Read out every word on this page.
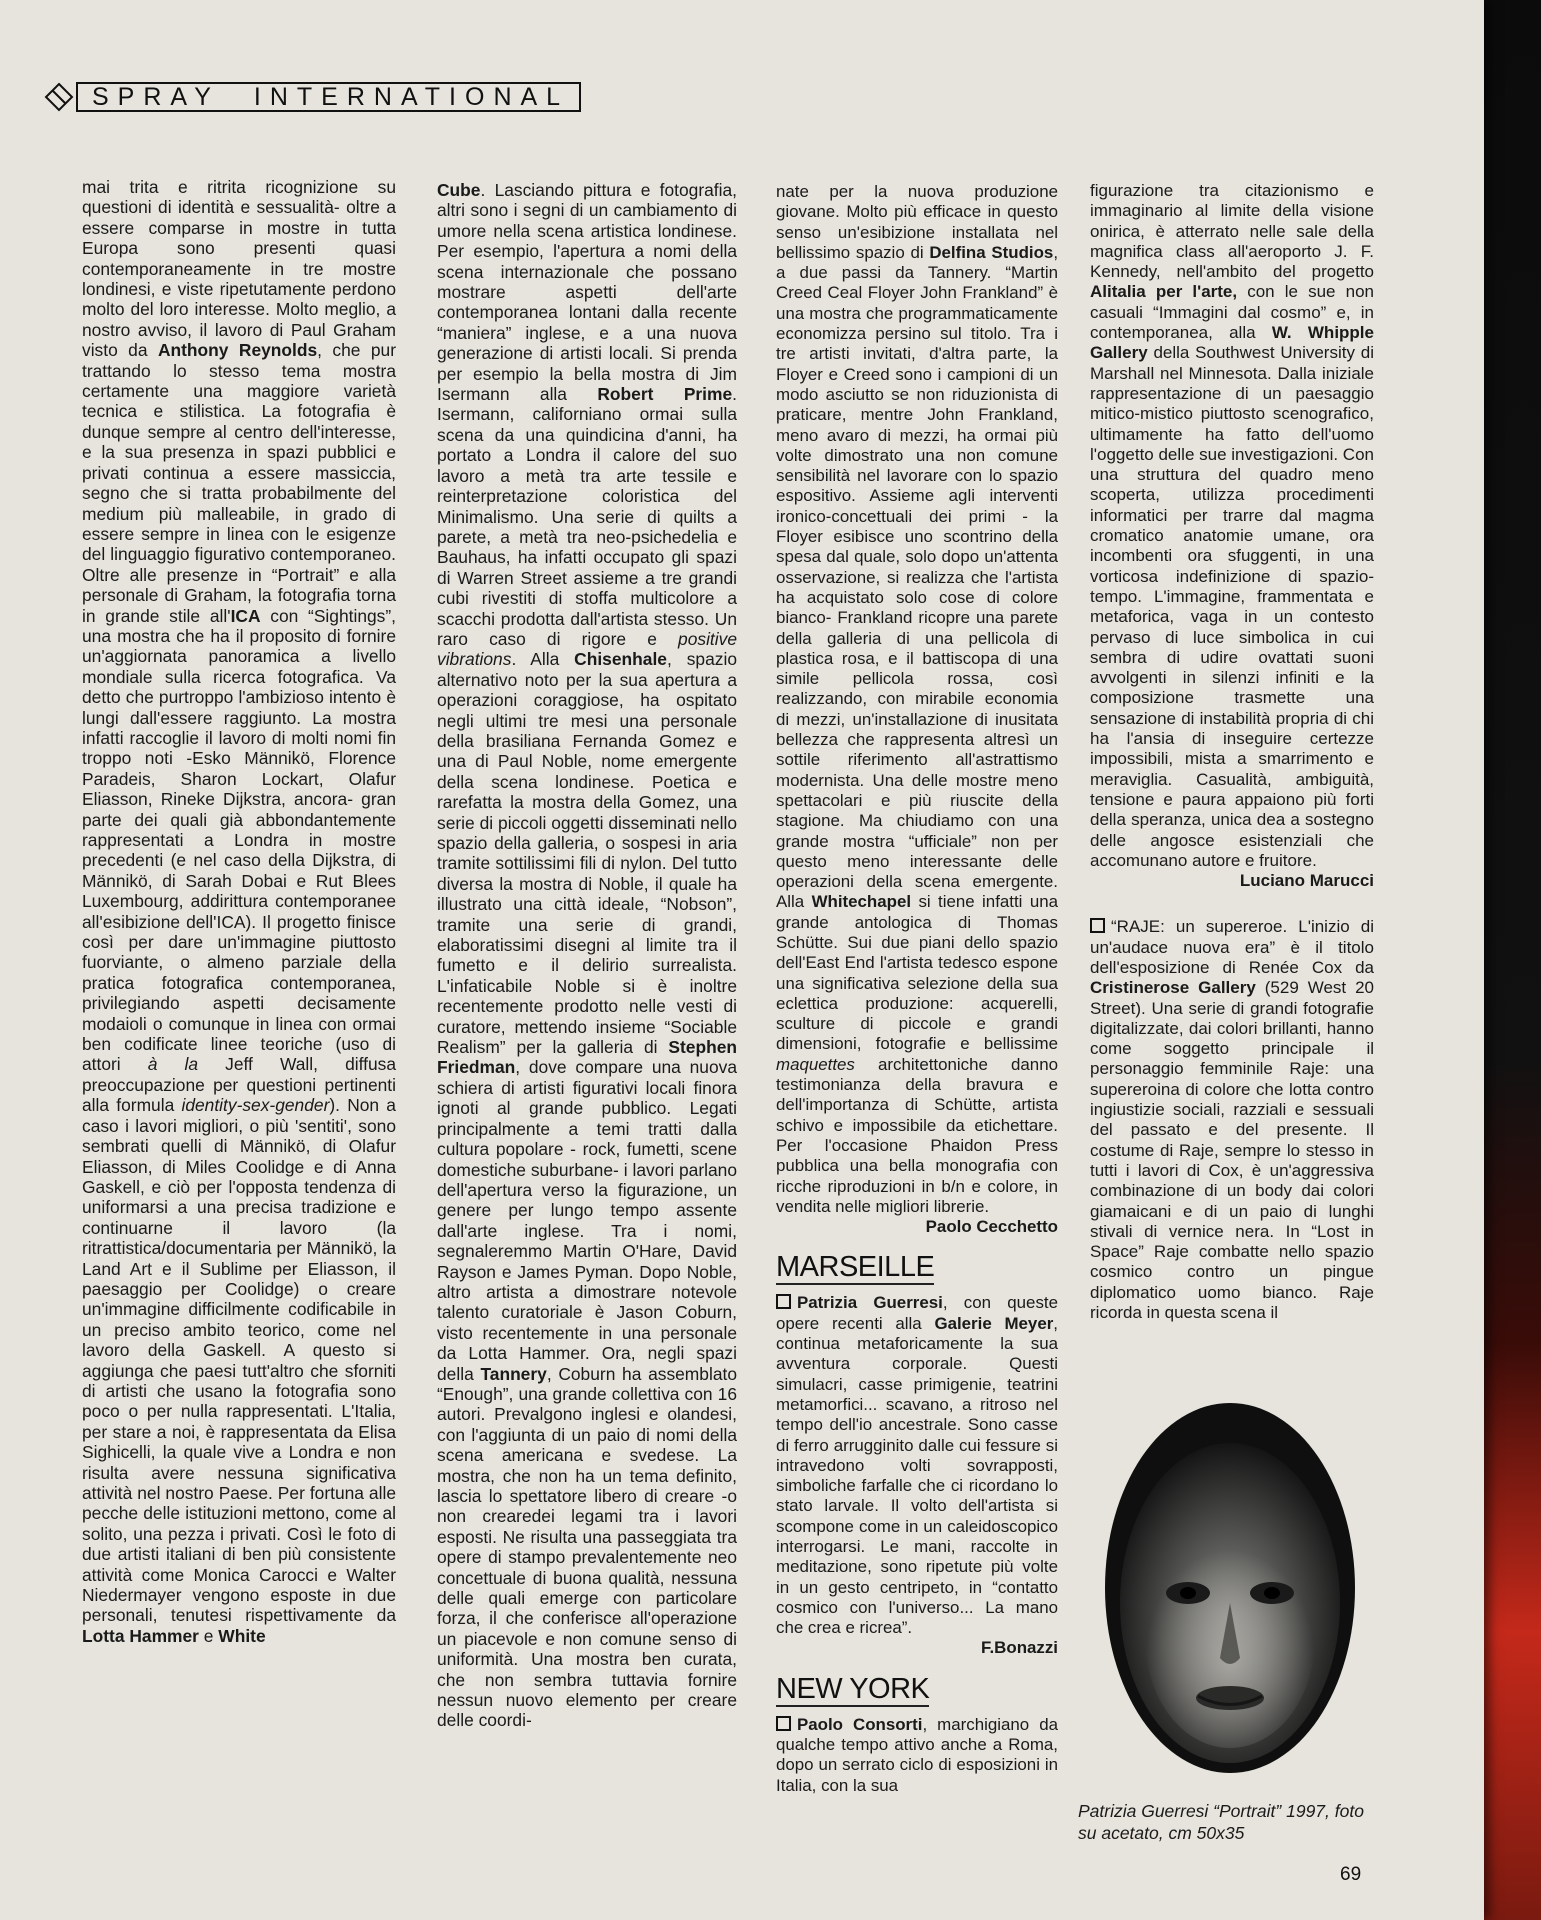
SPRAY INTERNATIONAL

mai trita e ritrita ricognizione su questioni di identità e sessualità- oltre a essere comparse in mostre in tutta Europa sono presenti quasi contemporaneamente in tre mostre londinesi, e viste ripetutamente perdono molto del loro interesse. Molto meglio, a nostro avviso, il lavoro di Paul Graham visto da Anthony Reynolds, che pur trattando lo stesso tema mostra certamente una maggiore varietà tecnica e stilistica. La fotografia è dunque sempre al centro dell'interesse, e la sua presenza in spazi pubblici e privati continua a essere massiccia, segno che si tratta probabilmente del medium più malleabile, in grado di essere sempre in linea con le esigenze del linguaggio figurativo contemporaneo. Oltre alle presenze in “Portrait” e alla personale di Graham, la fotografia torna in grande stile all'ICA con “Sightings”, una mostra che ha il proposito di fornire un'aggiornata panoramica a livello mondiale sulla ricerca fotografica. Va detto che purtroppo l'ambizioso intento è lungi dall'essere raggiunto. La mostra infatti raccoglie il lavoro di molti nomi fin troppo noti -Esko Männikö, Florence Paradeis, Sharon Lockart, Olafur Eliasson, Rineke Dijkstra, ancora- gran parte dei quali già abbondantemente rappresentati a Londra in mostre precedenti (e nel caso della Dijkstra, di Männikö, di Sarah Dobai e Rut Blees Luxembourg, addirittura contemporanee all'esibizione dell'ICA). Il progetto finisce così per dare un'immagine piuttosto fuorviante, o almeno parziale della pratica fotografica contemporanea, privilegiando aspetti decisamente modaioli o comunque in linea con ormai ben codificate linee teoriche (uso di attori à la Jeff Wall, diffusa preoccupazione per questioni pertinenti alla formula identity-sex-gender). Non a caso i lavori migliori, o più 'sentiti', sono sembrati quelli di Männikö, di Olafur Eliasson, di Miles Coolidge e di Anna Gaskell, e ciò per l'opposta tendenza di uniformarsi a una precisa tradizione e continuarne il lavoro (la ritrattistica/documentaria per Männikö, la Land Art e il Sublime per Eliasson, il paesaggio per Coolidge) o creare un'immagine difficilmente codificabile in un preciso ambito teorico, come nel lavoro della Gaskell. A questo si aggiunga che paesi tutt'altro che sforniti di artisti che usano la fotografia sono poco o per nulla rappresentati. L'Italia, per stare a noi, è rappresentata da Elisa Sighicelli, la quale vive a Londra e non risulta avere nessuna significativa attività nel nostro Paese. Per fortuna alle pecche delle istituzioni mettono, come al solito, una pezza i privati. Così le foto di due artisti italiani di ben più consistente attività come Monica Carocci e Walter Niedermayer vengono esposte in due personali, tenutesi rispettivamente da Lotta Hammer e White

Cube. Lasciando pittura e fotografia, altri sono i segni di un cambiamento di umore nella scena artistica londinese. Per esempio, l'apertura a nomi della scena internazionale che possano mostrare aspetti dell'arte contemporanea lontani dalla recente “maniera” inglese, e a una nuova generazione di artisti locali. Si prenda per esempio la bella mostra di Jim Isermann alla Robert Prime. Isermann, californiano ormai sulla scena da una quindicina d'anni, ha portato a Londra il calore del suo lavoro a metà tra arte tessile e reinterpretazione coloristica del Minimalismo. Una serie di quilts a parete, a metà tra neo-psichedelia e Bauhaus, ha infatti occupato gli spazi di Warren Street assieme a tre grandi cubi rivestiti di stoffa multicolore a scacchi prodotta dall'artista stesso. Un raro caso di rigore e positive vibrations. Alla Chisenhale, spazio alternativo noto per la sua apertura a operazioni coraggiose, ha ospitato negli ultimi tre mesi una personale della brasiliana Fernanda Gomez e una di Paul Noble, nome emergente della scena londinese. Poetica e rarefatta la mostra della Gomez, una serie di piccoli oggetti disseminati nello spazio della galleria, o sospesi in aria tramite sottilissimi fili di nylon. Del tutto diversa la mostra di Noble, il quale ha illustrato una città ideale, “Nobson”, tramite una serie di grandi, elaboratissimi disegni al limite tra il fumetto e il delirio surrealista. L'infaticabile Noble si è inoltre recentemente prodotto nelle vesti di curatore, mettendo insieme “Sociable Realism” per la galleria di Stephen Friedman, dove compare una nuova schiera di artisti figurativi locali finora ignoti al grande pubblico. Legati principalmente a temi tratti dalla cultura popolare - rock, fumetti, scene domestiche suburbane- i lavori parlano dell'apertura verso la figurazione, un genere per lungo tempo assente dall'arte inglese. Tra i nomi, segnaleremmo Martin O'Hare, David Rayson e James Pyman. Dopo Noble, altro artista a dimostrare notevole talento curatoriale è Jason Coburn, visto recentemente in una personale da Lotta Hammer. Ora, negli spazi della Tannery, Coburn ha assemblato “Enough”, una grande collettiva con 16 autori. Prevalgono inglesi e olandesi, con l'aggiunta di un paio di nomi della scena americana e svedese. La mostra, che non ha un tema definito, lascia lo spettatore libero di creare -o non crearedei legami tra i lavori esposti. Ne risulta una passeggiata tra opere di stampo prevalentemente neo concettuale di buona qualità, nessuna delle quali emerge con particolare forza, il che conferisce all'operazione un piacevole e non comune senso di uniformità. Una mostra ben curata, che non sembra tuttavia fornire nessun nuovo elemento per creare delle coordi-

nate per la nuova produzione giovane. Molto più efficace in questo senso un'esibizione installata nel bellissimo spazio di Delfina Studios, a due passi da Tannery. “Martin Creed Ceal Floyer John Frankland” è una mostra che programmaticamente economizza persino sul titolo. Tra i tre artisti invitati, d'altra parte, la Floyer e Creed sono i campioni di un modo asciutto se non riduzionista di praticare, mentre John Frankland, meno avaro di mezzi, ha ormai più volte dimostrato una non comune sensibilità nel lavorare con lo spazio espositivo. Assieme agli interventi ironico-concettuali dei primi - la Floyer esibisce uno scontrino della spesa dal quale, solo dopo un'attenta osservazione, si realizza che l'artista ha acquistato solo cose di colore bianco- Frankland ricopre una parete della galleria di una pellicola di plastica rosa, e il battiscopa di una simile pellicola rossa, così realizzando, con mirabile economia di mezzi, un'installazione di inusitata bellezza che rappresenta altresì un sottile riferimento all'astrattismo modernista. Una delle mostre meno spettacolari e più riuscite della stagione. Ma chiudiamo con una grande mostra “ufficiale” non per questo meno interessante delle operazioni della scena emergente. Alla Whitechapel si tiene infatti una grande antologica di Thomas Schütte. Sui due piani dello spazio dell'East End l'artista tedesco espone una significativa selezione della sua eclettica produzione: acquerelli, sculture di piccole e grandi dimensioni, fotografie e bellissime maquettes architettoniche danno testimonianza della bravura e dell'importanza di Schütte, artista schivo e impossibile da etichettare. Per l'occasione Phaidon Press pubblica una bella monografia con ricche riproduzioni in b/n e colore, in vendita nelle migliori librerie.

Paolo Cecchetto

MARSEILLE

Patrizia Guerresi, con queste opere recenti alla Galerie Meyer, continua metaforicamente la sua avventura corporale. Questi simulacri, casse primigenie, teatrini metamorfici... scavano, a ritroso nel tempo dell'io ancestrale. Sono casse di ferro arrugginito dalle cui fessure si intravedono volti sovrapposti, simboliche farfalle che ci ricordano lo stato larvale. Il volto dell'artista si scompone come in un caleidoscopico interrogarsi. Le mani, raccolte in meditazione, sono ripetute più volte in un gesto centripeto, in “contatto cosmico con l'universo... La mano che crea e ricrea”.

F.Bonazzi

NEW YORK

Paolo Consorti, marchigiano da qualche tempo attivo anche a Roma, dopo un serrato ciclo di esposizioni in Italia, con la sua

figurazione tra citazionismo e immaginario al limite della visione onirica, è atterrato nelle sale della magnifica class all'aeroporto J. F. Kennedy, nell'ambito del progetto Alitalia per l'arte, con le sue non casuali “Immagini dal cosmo” e, in contemporanea, alla W. Whipple Gallery della Southwest University di Marshall nel Minnesota. Dalla iniziale rappresentazione di un paesaggio mitico-mistico piuttosto scenografico, ultimamente ha fatto dell'uomo l'oggetto delle sue investigazioni. Con una struttura del quadro meno scoperta, utilizza procedimenti informatici per trarre dal magma cromatico anatomie umane, ora incombenti ora sfuggenti, in una vorticosa indefinizione di spazio-tempo. L'immagine, frammentata e metaforica, vaga in un contesto pervaso di luce simbolica in cui sembra di udire ovattati suoni avvolgenti in silenzi infiniti e la composizione trasmette una sensazione di instabilità propria di chi ha l'ansia di inseguire certezze impossibili, mista a smarrimento e meraviglia. Casualità, ambiguità, tensione e paura appaiono più forti della speranza, unica dea a sostegno delle angosce esistenziali che accomunano autore e fruitore.

Luciano Marucci

“RAJE: un supereroe. L'inizio di un'audace nuova era” è il titolo dell'esposizione di Renée Cox da Cristinerose Gallery (529 West 20 Street). Una serie di grandi fotografie digitalizzate, dai colori brillanti, hanno come soggetto principale il personaggio femminile Raje: una supereroina di colore che lotta contro ingiustizie sociali, razziali e sessuali del passato e del presente. Il costume di Raje, sempre lo stesso in tutti i lavori di Cox, è un'aggressiva combinazione di un body dai colori giamaicani e di un paio di lunghi stivali di vernice nera. In “Lost in Space” Raje combatte nello spazio cosmico contro un pingue diplomatico uomo bianco. Raje ricorda in questa scena il

Patrizia Guerresi “Portrait” 1997, foto su acetato, cm 50x35
69
